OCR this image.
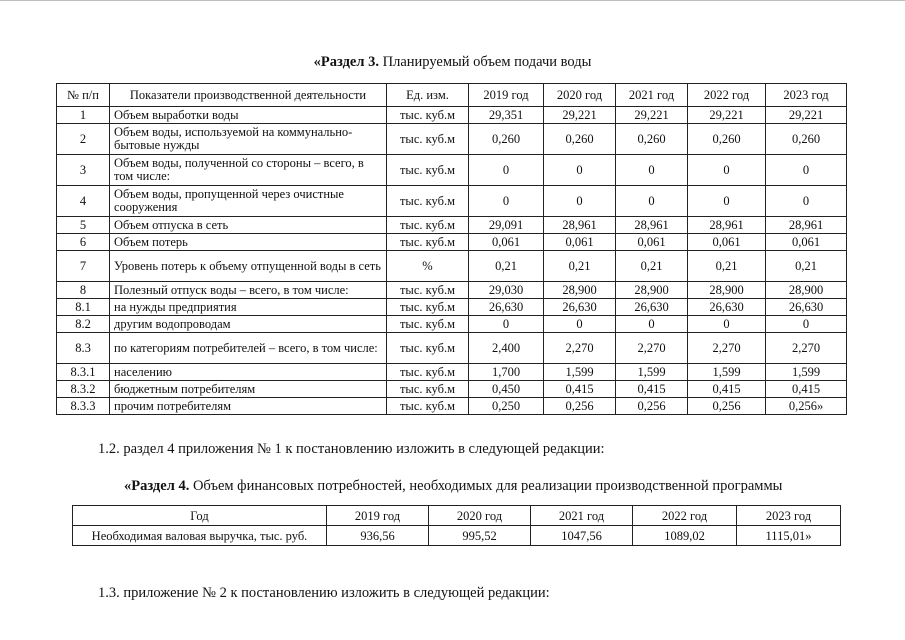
«Раздел 3. Планируемый объем подачи воды
№ п/п	Показатели производственной деятельности	Ед. изм.	2019 год	2020 год	2021 год	2022 год	2023 год
1	Объем выработки воды	тыс. куб.м	29,351	29,221	29,221	29,221	29,221
2	Объем воды, используемой на коммунально-бытовые нужды	тыс. куб.м	0,260	0,260	0,260	0,260	0,260
3	Объем воды, полученной со стороны – всего, в том числе:	тыс. куб.м	0	0	0	0	0
4	Объем воды, пропущенной через очистные сооружения	тыс. куб.м	0	0	0	0	0
5	Объем отпуска в сеть	тыс. куб.м	29,091	28,961	28,961	28,961	28,961
6	Объем потерь	тыс. куб.м	0,061	0,061	0,061	0,061	0,061
7	Уровень потерь к объему отпущенной воды в сеть	%	0,21	0,21	0,21	0,21	0,21
8	Полезный отпуск воды – всего, в том числе:	тыс. куб.м	29,030	28,900	28,900	28,900	28,900
8.1	на нужды предприятия	тыс. куб.м	26,630	26,630	26,630	26,630	26,630
8.2	другим водопроводам	тыс. куб.м	0	0	0	0	0
8.3	по категориям потребителей – всего, в том числе:	тыс. куб.м	2,400	2,270	2,270	2,270	2,270
8.3.1	населению	тыс. куб.м	1,700	1,599	1,599	1,599	1,599
8.3.2	бюджетным потребителям	тыс. куб.м	0,450	0,415	0,415	0,415	0,415
8.3.3	прочим потребителям	тыс. куб.м	0,250	0,256	0,256	0,256	0,256»
1.2. раздел 4 приложения № 1 к постановлению изложить в следующей редакции:
«Раздел 4. Объем финансовых потребностей, необходимых для реализации производственной программы
Год	2019 год	2020 год	2021 год	2022 год	2023 год
Необходимая валовая выручка, тыс. руб.	936,56	995,52	1047,56	1089,02	1115,01»
1.3. приложение № 2 к постановлению изложить в следующей редакции:
